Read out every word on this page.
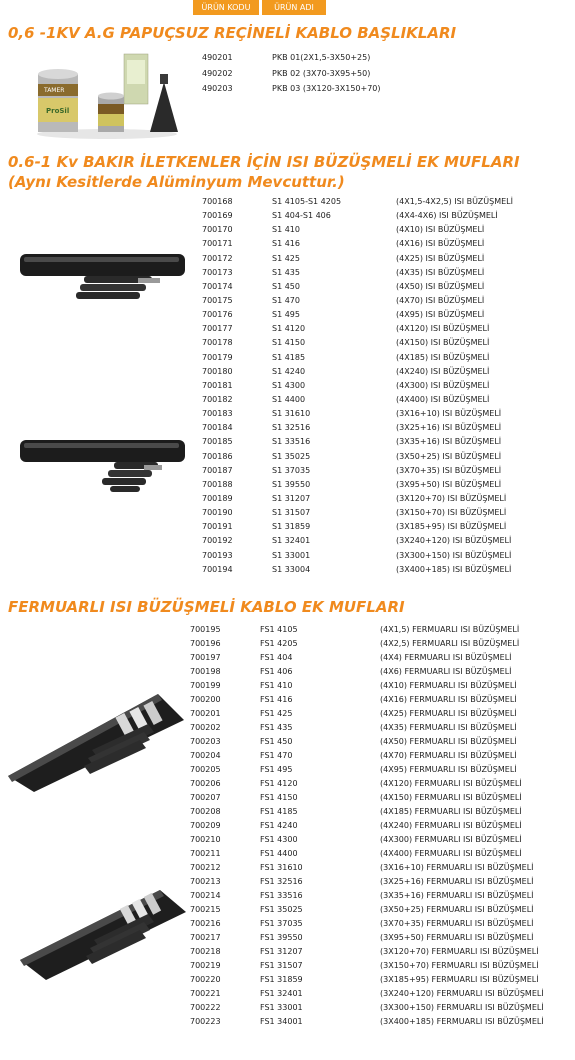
ÜRÜN KODU	ÜRÜN ADI
0,6 -1KV A.G PAPUÇSUZ REÇİNELİ KABLO BAŞLIKLARI
490201	PKB 01(2X1,5-3X50+25)
490202	PKB 02 (3X70-3X95+50)
490203	PKB 03 (3X120-3X150+70)
TAMER
ProSil
0.6-1 Kv BAKIR İLETKENLER İÇİN ISI BÜZÜŞMELİ EK MUFLARI
(Aynı Kesitlerde Alüminyum Mevcuttur.)
700168	S1 4105-S1 4205	(4X1,5-4X2,5) ISI BÜZÜŞMELİ
700169	S1 404-S1 406	(4X4-4X6) ISI BÜZÜŞMELİ
700170	S1 410	(4X10) ISI BÜZÜŞMELİ
700171	S1 416	(4X16) ISI BÜZÜŞMELİ
700172	S1 425	(4X25) ISI BÜZÜŞMELİ
700173	S1 435	(4X35) ISI BÜZÜŞMELİ
700174	S1 450	(4X50) ISI BÜZÜŞMELİ
700175	S1 470	(4X70) ISI BÜZÜŞMELİ
700176	S1 495	(4X95) ISI BÜZÜŞMELİ
700177	S1 4120	(4X120) ISI BÜZÜŞMELİ
700178	S1 4150	(4X150) ISI BÜZÜŞMELİ
700179	S1 4185	(4X185) ISI BÜZÜŞMELİ
700180	S1 4240	(4X240) ISI BÜZÜŞMELİ
700181	S1 4300	(4X300) ISI BÜZÜŞMELİ
700182	S1 4400	(4X400) ISI BÜZÜŞMELİ
700183	S1 31610	(3X16+10) ISI BÜZÜŞMELİ
700184	S1 32516	(3X25+16) ISI BÜZÜŞMELİ
700185	S1 33516	(3X35+16) ISI BÜZÜŞMELİ
700186	S1 35025	(3X50+25) ISI BÜZÜŞMELİ
700187	S1 37035	(3X70+35) ISI BÜZÜŞMELİ
700188	S1 39550	(3X95+50) ISI BÜZÜŞMELİ
700189	S1 31207	(3X120+70) ISI BÜZÜŞMELİ
700190	S1 31507	(3X150+70) ISI BÜZÜŞMELİ
700191	S1 31859	(3X185+95) ISI BÜZÜŞMELİ
700192	S1 32401	(3X240+120) ISI BÜZÜŞMELİ
700193	S1 33001	(3X300+150) ISI BÜZÜŞMELİ
700194	S1 33004	(3X400+185) ISI BÜZÜŞMELİ
FERMUARLI ISI BÜZÜŞMELİ KABLO EK MUFLARI
700195	FS1 4105	(4X1,5) FERMUARLI ISI BÜZÜŞMELİ
700196	FS1 4205	(4X2,5) FERMUARLI ISI BÜZÜŞMELİ
700197	FS1 404	(4X4) FERMUARLI ISI BÜZÜŞMELİ
700198	FS1 406	(4X6) FERMUARLI ISI BÜZÜŞMELİ
700199	FS1 410	(4X10) FERMUARLI ISI BÜZÜŞMELİ
700200	FS1 416	(4X16) FERMUARLI ISI BÜZÜŞMELİ
700201	FS1 425	(4X25) FERMUARLI ISI BÜZÜŞMELİ
700202	FS1 435	(4X35) FERMUARLI ISI BÜZÜŞMELİ
700203	FS1 450	(4X50) FERMUARLI ISI BÜZÜŞMELİ
700204	FS1 470	(4X70) FERMUARLI ISI BÜZÜŞMELİ
700205	FS1 495	(4X95) FERMUARLI ISI BÜZÜŞMELİ
700206	FS1 4120	(4X120) FERMUARLI ISI BÜZÜŞMELİ
700207	FS1 4150	(4X150) FERMUARLI ISI BÜZÜŞMELİ
700208	FS1 4185	(4X185) FERMUARLI ISI BÜZÜŞMELİ
700209	FS1 4240	(4X240) FERMUARLI ISI BÜZÜŞMELİ
700210	FS1 4300	(4X300) FERMUARLI ISI BÜZÜŞMELİ
700211	FS1 4400	(4X400) FERMUARLI ISI BÜZÜŞMELİ
700212	FS1 31610	(3X16+10) FERMUARLI ISI BÜZÜŞMELİ
700213	FS1 32516	(3X25+16) FERMUARLI ISI BÜZÜŞMELİ
700214	FS1 33516	(3X35+16) FERMUARLI ISI BÜZÜŞMELİ
700215	FS1 35025	(3X50+25) FERMUARLI ISI BÜZÜŞMELİ
700216	FS1 37035	(3X70+35) FERMUARLI ISI BÜZÜŞMELİ
700217	FS1 39550	(3X95+50) FERMUARLI ISI BÜZÜŞMELİ
700218	FS1 31207	(3X120+70) FERMUARLI ISI BÜZÜŞMELİ
700219	FS1 31507	(3X150+70) FERMUARLI ISI BÜZÜŞMELİ
700220	FS1 31859	(3X185+95) FERMUARLI ISI BÜZÜŞMELİ
700221	FS1 32401	(3X240+120) FERMUARLI ISI BÜZÜŞMELİ
700222	FS1 33001	(3X300+150) FERMUARLI ISI BÜZÜŞMELİ
700223	FS1 34001	(3X400+185) FERMUARLI ISI BÜZÜŞMELİ
